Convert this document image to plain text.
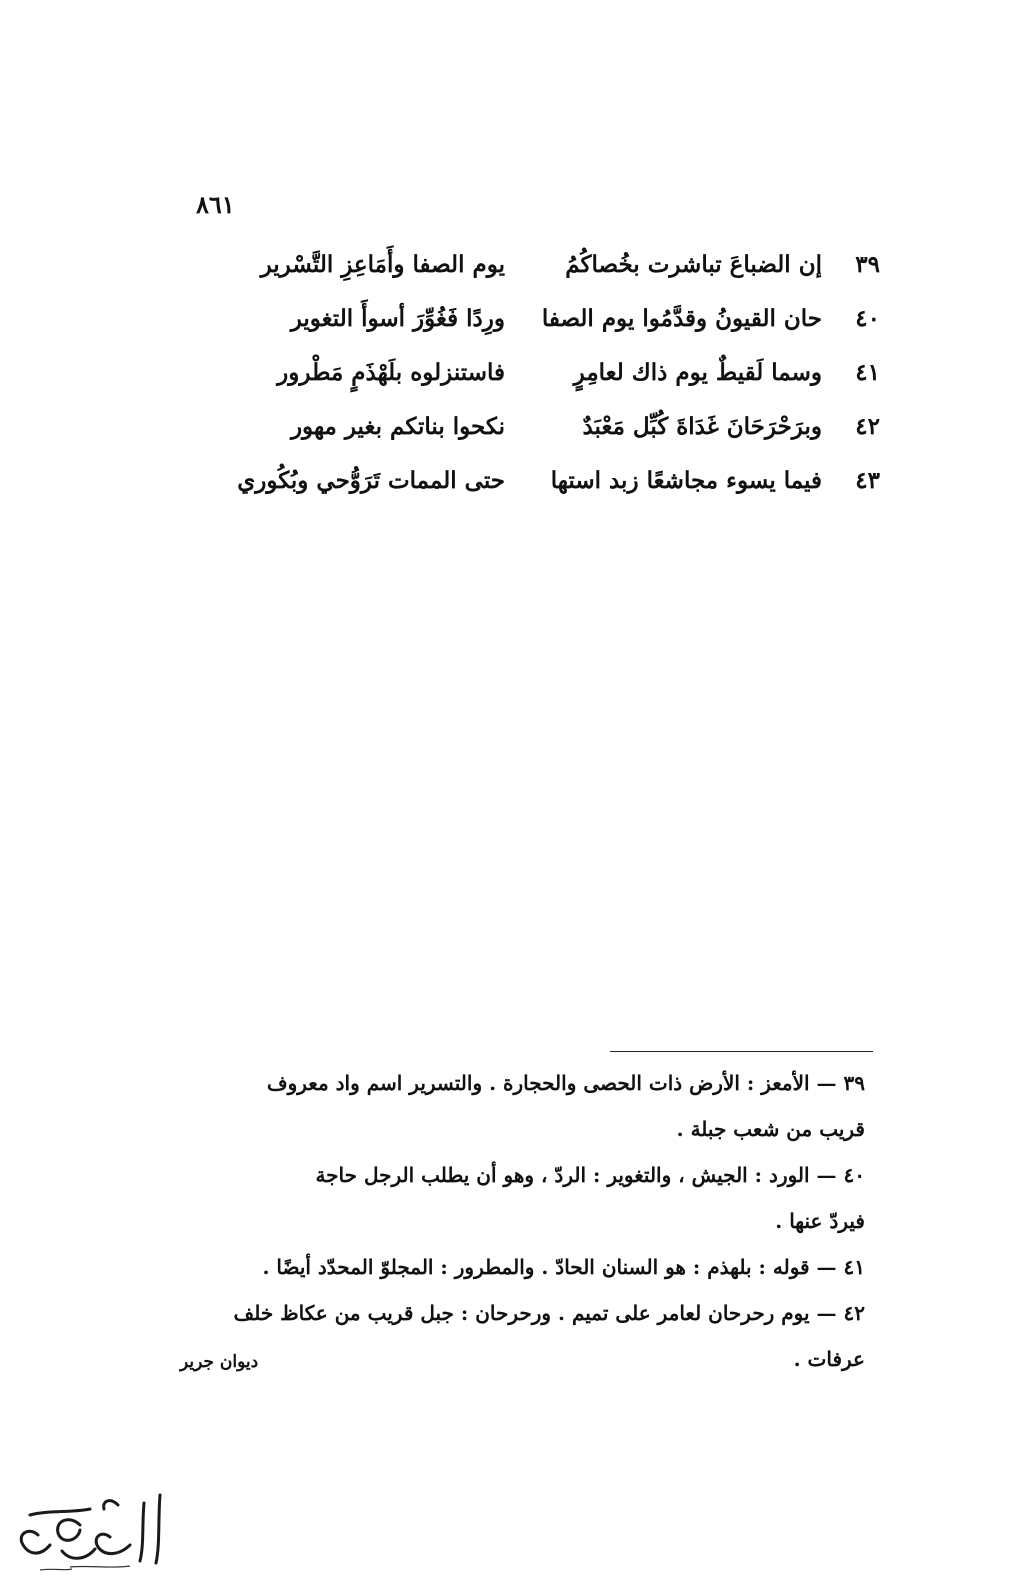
٨٦١
٣٩
إن الضباعَ تباشرت بخُصاكُمُ
يوم الصفا وأَمَاعِزِ التَّسْرير
٤٠
حان القيونُ وقدَّمُوا يوم الصفا
ورِدًا فَغُوِّرَ أسوأَ التغوير
٤١
وسما لَقيطٌ يوم ذاك لعامِرٍ
فاستنزلوه بلَهْذَمٍ مَطْرور
٤٢
وبرَحْرَحَانَ غَدَاةَ كُبِّل مَعْبَدٌ
نكحوا بناتكم بغير مهور
٤٣
فيما يسوء مجاشعًا زبد استها
حتى الممات تَرَوُّحي وبُكُوري
٣٩ — الأمعز : الأرض ذات الحصى والحجارة . والتسرير اسم واد معروف
قريب من شعب جبلة .
٤٠ — الورد : الجيش ، والتغوير : الردّ ، وهو أن يطلب الرجل حاجة
فيردّ عنها .
٤١ — قوله : بلهذم : هو السنان الحادّ . والمطرور : المجلوّ المحدّد أيضًا .
٤٢ — يوم رحرحان لعامر على تميم . ورحرحان : جبل قريب من عكاظ خلف
عرفات .
ديوان جرير
